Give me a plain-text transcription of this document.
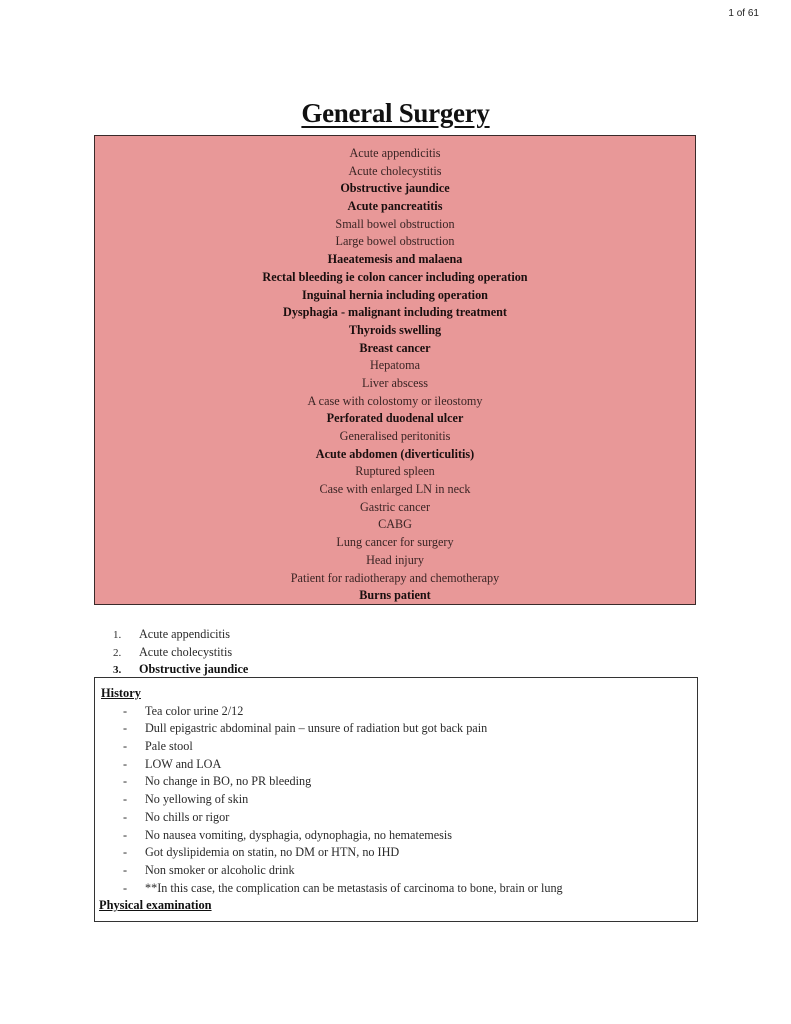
1 of 61
General Surgery
Acute appendicitis
Acute cholecystitis
Obstructive jaundice
Acute pancreatitis
Small bowel obstruction
Large bowel obstruction
Haeatemesis and malaena
Rectal bleeding ie colon cancer including operation
Inguinal hernia including operation
Dysphagia - malignant including treatment
Thyroids swelling
Breast cancer
Hepatoma
Liver abscess
A case with colostomy or ileostomy
Perforated duodenal ulcer
Generalised peritonitis
Acute abdomen (diverticulitis)
Ruptured spleen
Case with enlarged LN in neck
Gastric cancer
CABG
Lung cancer for surgery
Head injury
Patient for radiotherapy and chemotherapy
Burns patient
1. Acute appendicitis
2. Acute cholecystitis
3. Obstructive jaundice
History
- Tea color urine 2/12
- Dull epigastric abdominal pain – unsure of radiation but got back pain
- Pale stool
- LOW and LOA
- No change in BO, no PR bleeding
- No yellowing of skin
- No chills or rigor
- No nausea vomiting, dysphagia, odynophagia, no hematemesis
- Got dyslipidemia on statin, no DM or HTN, no IHD
- Non smoker or alcoholic drink
- **In this case, the complication can be metastasis of carcinoma to bone, brain or lung
Physical examination
